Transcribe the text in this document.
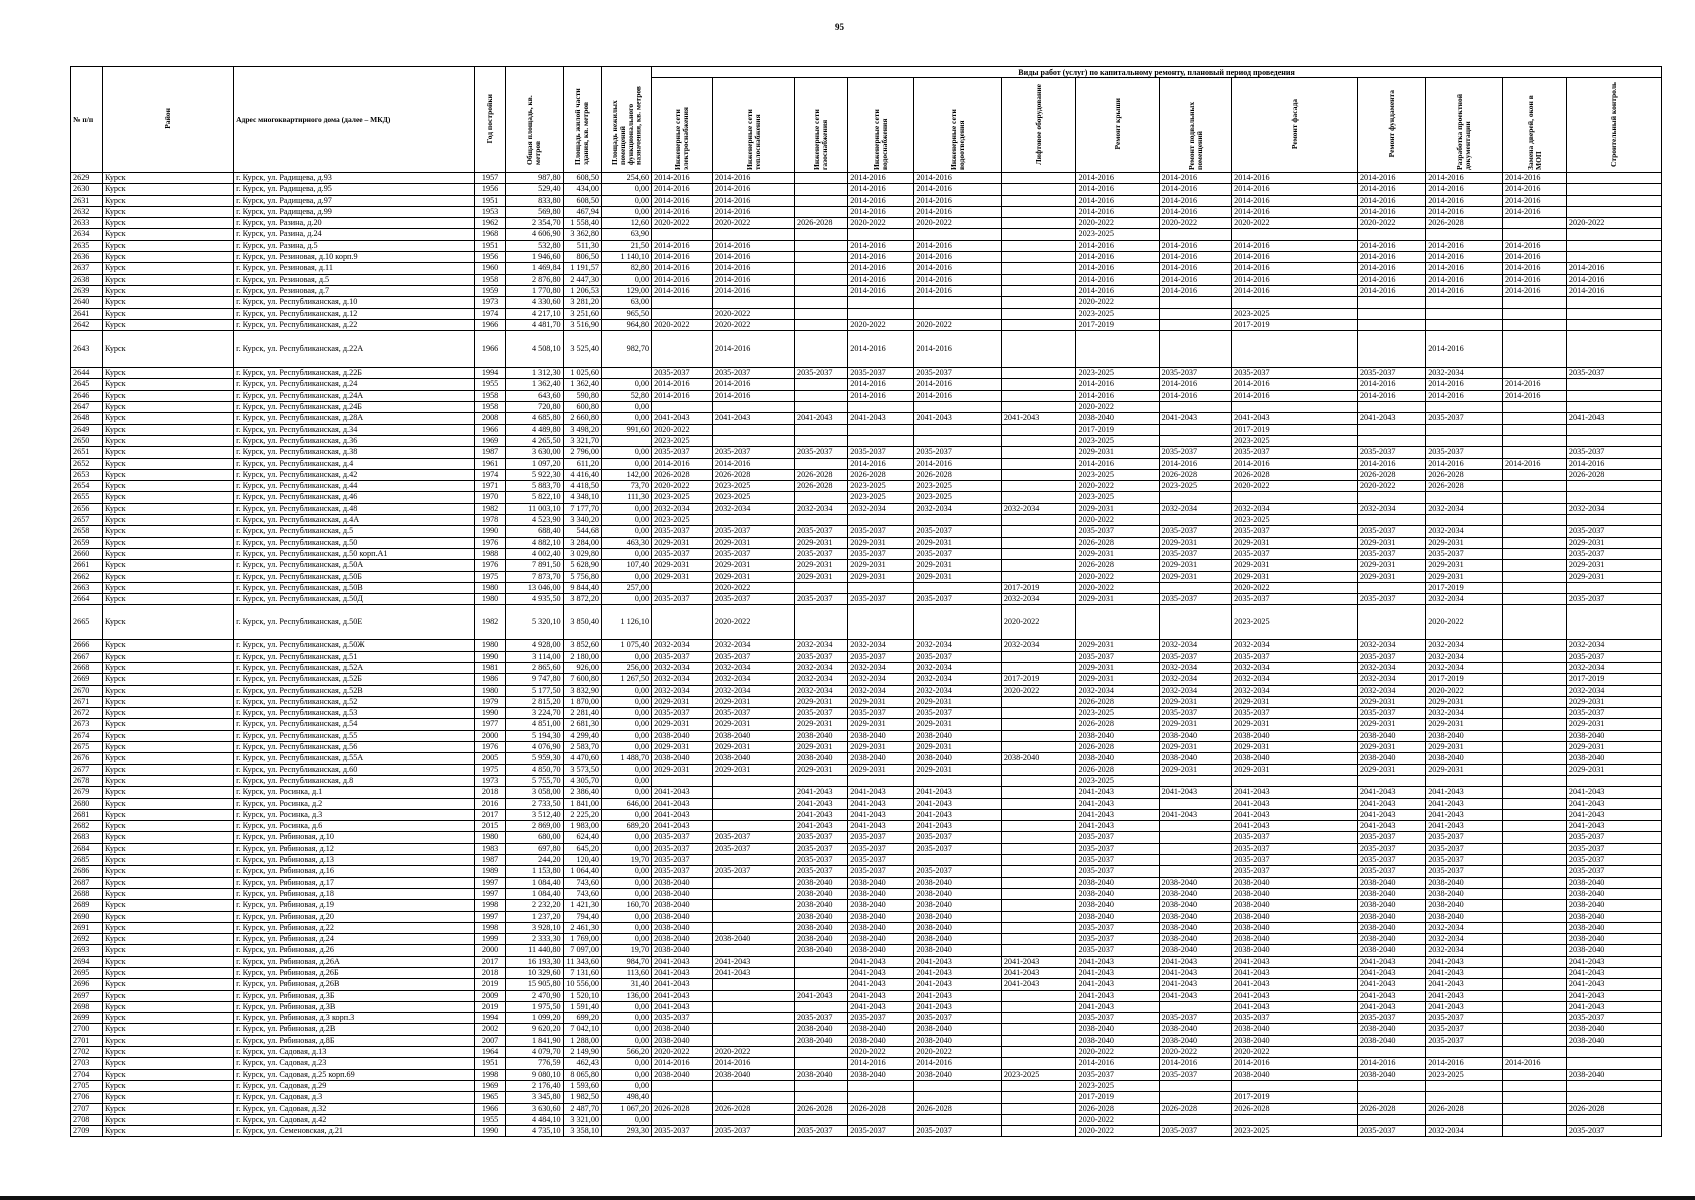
95
№ п/п	Район	Адрес многоквартирного дома (далее – МКД)	Год постройки	Общая площадь, кв. метров	Площадь жилой части здания, кв. метров	Площадь нежилых помещений функционального назначения, кв. метров	Виды работ (услуг) по капитальному ремонту, плановый период проведения												
							Инженерные сети электроснабжения	Инженерные сети теплоснабжения	Инженерные сети газоснабжения	Инженерные сети водоснабжения	Инженерные сети водоотведения	Лифтовое оборудование	Ремонт крыши	Ремонт подвальных помещений	Ремонт фасада	Ремонт фундамента	Разработка проектной документации	Замена дверей, окон в МОП	Строительный контроль
2629	Курск	г. Курск, ул. Радищева, д.93	1957	987,80	608,50	254,60	2014-2016	2014-2016		2014-2016	2014-2016		2014-2016	2014-2016	2014-2016	2014-2016	2014-2016	2014-2016	
2630	Курск	г. Курск, ул. Радищева, д.95	1956	529,40	434,00	0,00	2014-2016	2014-2016		2014-2016	2014-2016		2014-2016	2014-2016	2014-2016	2014-2016	2014-2016	2014-2016	
2631	Курск	г. Курск, ул. Радищева, д.97	1951	833,80	608,50	0,00	2014-2016	2014-2016		2014-2016	2014-2016		2014-2016	2014-2016	2014-2016	2014-2016	2014-2016	2014-2016	
2632	Курск	г. Курск, ул. Радищева, д.99	1953	569,80	467,94	0,00	2014-2016	2014-2016		2014-2016	2014-2016		2014-2016	2014-2016	2014-2016	2014-2016	2014-2016	2014-2016	
2633	Курск	г. Курск, ул. Разина, д.20	1962	2 354,70	1 558,40	12,60	2020-2022	2020-2022	2026-2028	2020-2022	2020-2022		2020-2022	2020-2022	2020-2022	2020-2022	2026-2028		2020-2022
2634	Курск	г. Курск, ул. Разина, д.24	1968	4 606,90	3 362,80	63,90							2023-2025						
2635	Курск	г. Курск, ул. Разина, д.5	1951	532,80	511,30	21,50	2014-2016	2014-2016		2014-2016	2014-2016		2014-2016	2014-2016	2014-2016	2014-2016	2014-2016	2014-2016	
2636	Курск	г. Курск, ул. Резиновая, д.10 корп.9	1956	1 946,60	806,50	1 140,10	2014-2016	2014-2016		2014-2016	2014-2016		2014-2016	2014-2016	2014-2016	2014-2016	2014-2016	2014-2016	
2637	Курск	г. Курск, ул. Резиновая, д.11	1960	1 469,84	1 191,57	82,80	2014-2016	2014-2016		2014-2016	2014-2016		2014-2016	2014-2016	2014-2016	2014-2016	2014-2016	2014-2016	2014-2016
2638	Курск	г. Курск, ул. Резиновая, д.5	1958	2 876,80	2 447,30	0,00	2014-2016	2014-2016		2014-2016	2014-2016		2014-2016	2014-2016	2014-2016	2014-2016	2014-2016	2014-2016	2014-2016
2639	Курск	г. Курск, ул. Резиновая, д.7	1959	1 770,80	1 206,53	129,00	2014-2016	2014-2016		2014-2016	2014-2016		2014-2016	2014-2016	2014-2016	2014-2016	2014-2016	2014-2016	2014-2016
2640	Курск	г. Курск, ул. Республиканская, д.10	1973	4 330,60	3 281,20	63,00							2020-2022						
2641	Курск	г. Курск, ул. Республиканская, д.12	1974	4 217,10	3 251,60	965,50		2020-2022					2023-2025		2023-2025				
2642	Курск	г. Курск, ул. Республиканская, д.22	1966	4 481,70	3 516,90	964,80	2020-2022	2020-2022		2020-2022	2020-2022		2017-2019		2017-2019				
2643	Курск	г. Курск, ул. Республиканская, д.22А	1966	4 508,10	3 525,40	982,70		2014-2016		2014-2016	2014-2016						2014-2016		
2644	Курск	г. Курск, ул. Республиканская, д.22Б	1994	1 312,30	1 025,60		2035-2037	2035-2037	2035-2037	2035-2037	2035-2037		2023-2025	2035-2037	2035-2037	2035-2037	2032-2034		2035-2037
2645	Курск	г. Курск, ул. Республиканская, д.24	1955	1 362,40	1 362,40	0,00	2014-2016	2014-2016		2014-2016	2014-2016		2014-2016	2014-2016	2014-2016	2014-2016	2014-2016	2014-2016	
2646	Курск	г. Курск, ул. Республиканская, д.24А	1958	643,60	590,80	52,80	2014-2016	2014-2016		2014-2016	2014-2016		2014-2016	2014-2016	2014-2016	2014-2016	2014-2016	2014-2016	
2647	Курск	г. Курск, ул. Республиканская, д.24Б	1958	720,80	600,80	0,00							2020-2022						
2648	Курск	г. Курск, ул. Республиканская, д.28А	2008	4 685,80	2 660,80	0,00	2041-2043	2041-2043	2041-2043	2041-2043	2041-2043	2041-2043	2038-2040	2041-2043	2041-2043	2041-2043	2035-2037		2041-2043
2649	Курск	г. Курск, ул. Республиканская, д.34	1966	4 489,80	3 498,20	991,60	2020-2022						2017-2019		2017-2019				
2650	Курск	г. Курск, ул. Республиканская, д.36	1969	4 265,50	3 321,70		2023-2025						2023-2025		2023-2025				
2651	Курск	г. Курск, ул. Республиканская, д.38	1987	3 630,00	2 796,00	0,00	2035-2037	2035-2037	2035-2037	2035-2037	2035-2037		2029-2031	2035-2037	2035-2037	2035-2037	2035-2037		2035-2037
2652	Курск	г. Курск, ул. Республиканская, д.4	1961	1 097,20	611,20	0,00	2014-2016	2014-2016		2014-2016	2014-2016		2014-2016	2014-2016	2014-2016	2014-2016	2014-2016	2014-2016	2014-2016
2653	Курск	г. Курск, ул. Республиканская, д.42	1974	5 922,30	4 416,40	142,00	2026-2028	2026-2028	2026-2028	2026-2028	2026-2028		2023-2025	2026-2028	2026-2028	2026-2028	2026-2028		2026-2028
2654	Курск	г. Курск, ул. Республиканская, д.44	1971	5 883,70	4 418,50	73,70	2020-2022	2023-2025	2026-2028	2023-2025	2023-2025		2020-2022	2023-2025	2020-2022	2020-2022	2026-2028		
2655	Курск	г. Курск, ул. Республиканская, д.46	1970	5 822,10	4 348,10	111,30	2023-2025	2023-2025		2023-2025	2023-2025		2023-2025						
2656	Курск	г. Курск, ул. Республиканская, д.48	1982	11 003,10	7 177,70	0,00	2032-2034	2032-2034	2032-2034	2032-2034	2032-2034	2032-2034	2029-2031	2032-2034	2032-2034	2032-2034	2032-2034		2032-2034
2657	Курск	г. Курск, ул. Республиканская, д.4А	1978	4 523,90	3 340,20	0,00	2023-2025						2020-2022		2023-2025				
2658	Курск	г. Курск, ул. Республиканская, д.5	1990	688,40	544,68	0,00	2035-2037	2035-2037	2035-2037	2035-2037	2035-2037		2035-2037	2035-2037	2035-2037	2035-2037	2032-2034		2035-2037
2659	Курск	г. Курск, ул. Республиканская, д.50	1976	4 882,10	3 284,00	463,30	2029-2031	2029-2031	2029-2031	2029-2031	2029-2031		2026-2028	2029-2031	2029-2031	2029-2031	2029-2031		2029-2031
2660	Курск	г. Курск, ул. Республиканская, д.50 корп.А1	1988	4 002,40	3 029,80	0,00	2035-2037	2035-2037	2035-2037	2035-2037	2035-2037		2029-2031	2035-2037	2035-2037	2035-2037	2035-2037		2035-2037
2661	Курск	г. Курск, ул. Республиканская, д.50А	1976	7 891,50	5 628,90	107,40	2029-2031	2029-2031	2029-2031	2029-2031	2029-2031		2026-2028	2029-2031	2029-2031	2029-2031	2029-2031		2029-2031
2662	Курск	г. Курск, ул. Республиканская, д.50Б	1975	7 873,70	5 756,80	0,00	2029-2031	2029-2031	2029-2031	2029-2031	2029-2031		2020-2022	2029-2031	2029-2031	2029-2031	2029-2031		2029-2031
2663	Курск	г. Курск, ул. Республиканская, д.50В	1980	13 046,00	9 844,40	257,00		2020-2022				2017-2019	2020-2022		2020-2022		2017-2019		
2664	Курск	г. Курск, ул. Республиканская, д.50Д	1980	4 935,50	3 872,20	0,00	2035-2037	2035-2037	2035-2037	2035-2037	2035-2037	2032-2034	2029-2031	2035-2037	2035-2037	2035-2037	2032-2034		2035-2037
2665	Курск	г. Курск, ул. Республиканская, д.50Е	1982	5 320,10	3 850,40	1 126,10		2020-2022				2020-2022			2023-2025		2020-2022		
2666	Курск	г. Курск, ул. Республиканская, д.50Ж	1980	4 928,00	3 852,60	1 075,40	2032-2034	2032-2034	2032-2034	2032-2034	2032-2034	2032-2034	2029-2031	2032-2034	2032-2034	2032-2034	2032-2034		2032-2034
2667	Курск	г. Курск, ул. Республиканская, д.51	1990	3 114,00	2 180,00	0,00	2035-2037	2035-2037	2035-2037	2035-2037	2035-2037		2035-2037	2035-2037	2035-2037	2035-2037	2032-2034		2035-2037
2668	Курск	г. Курск, ул. Республиканская, д.52А	1981	2 865,60	926,00	256,00	2032-2034	2032-2034	2032-2034	2032-2034	2032-2034		2029-2031	2032-2034	2032-2034	2032-2034	2032-2034		2032-2034
2669	Курск	г. Курск, ул. Республиканская, д.52Б	1986	9 747,80	7 600,80	1 267,50	2032-2034	2032-2034	2032-2034	2032-2034	2032-2034	2017-2019	2029-2031	2032-2034	2032-2034	2032-2034	2017-2019		2017-2019
2670	Курск	г. Курск, ул. Республиканская, д.52В	1980	5 177,50	3 832,90	0,00	2032-2034	2032-2034	2032-2034	2032-2034	2032-2034	2020-2022	2032-2034	2032-2034	2032-2034	2032-2034	2020-2022		2032-2034
2671	Курск	г. Курск, ул. Республиканская, д.52	1979	2 815,20	1 870,00	0,00	2029-2031	2029-2031	2029-2031	2029-2031	2029-2031		2026-2028	2029-2031	2029-2031	2029-2031	2029-2031		2029-2031
2672	Курск	г. Курск, ул. Республиканская, д.53	1990	3 224,70	2 281,40	0,00	2035-2037	2035-2037	2035-2037	2035-2037	2035-2037		2023-2025	2035-2037	2035-2037	2035-2037	2032-2034		2035-2037
2673	Курск	г. Курск, ул. Республиканская, д.54	1977	4 851,00	2 681,30	0,00	2029-2031	2029-2031	2029-2031	2029-2031	2029-2031		2026-2028	2029-2031	2029-2031	2029-2031	2029-2031		2029-2031
2674	Курск	г. Курск, ул. Республиканская, д.55	2000	5 194,30	4 299,40	0,00	2038-2040	2038-2040	2038-2040	2038-2040	2038-2040		2038-2040	2038-2040	2038-2040	2038-2040	2038-2040		2038-2040
2675	Курск	г. Курск, ул. Республиканская, д.56	1976	4 076,90	2 583,70	0,00	2029-2031	2029-2031	2029-2031	2029-2031	2029-2031		2026-2028	2029-2031	2029-2031	2029-2031	2029-2031		2029-2031
2676	Курск	г. Курск, ул. Республиканская, д.55А	2005	5 959,30	4 470,60	1 488,70	2038-2040	2038-2040	2038-2040	2038-2040	2038-2040	2038-2040	2038-2040	2038-2040	2038-2040	2038-2040	2038-2040		2038-2040
2677	Курск	г. Курск, ул. Республиканская, д.60	1975	4 850,70	3 573,50	0,00	2029-2031	2029-2031	2029-2031	2029-2031	2029-2031		2026-2028	2029-2031	2029-2031	2029-2031	2029-2031		2029-2031
2678	Курск	г. Курск, ул. Республиканская, д.8	1973	5 755,70	4 305,70	0,00							2023-2025						
2679	Курск	г. Курск, ул. Росинка, д.1	2018	3 058,00	2 386,40	0,00	2041-2043		2041-2043	2041-2043	2041-2043		2041-2043	2041-2043	2041-2043	2041-2043	2041-2043		2041-2043
2680	Курск	г. Курск, ул. Росинка, д.2	2016	2 733,50	1 841,00	646,00	2041-2043		2041-2043	2041-2043	2041-2043		2041-2043		2041-2043	2041-2043	2041-2043		2041-2043
2681	Курск	г. Курск, ул. Росинка, д.3	2017	3 512,40	2 225,20	0,00	2041-2043		2041-2043	2041-2043	2041-2043		2041-2043	2041-2043	2041-2043	2041-2043	2041-2043		2041-2043
2682	Курск	г. Курск, ул. Росинка, д.6	2015	2 869,00	1 983,00	689,20	2041-2043		2041-2043	2041-2043	2041-2043		2041-2043		2041-2043	2041-2043	2041-2043		2041-2043
2683	Курск	г. Курск, ул. Рябиновая, д.10	1980	680,00	624,40	0,00	2035-2037	2035-2037	2035-2037	2035-2037	2035-2037		2035-2037		2035-2037	2035-2037	2035-2037		2035-2037
2684	Курск	г. Курск, ул. Рябиновая, д.12	1983	697,80	645,20	0,00	2035-2037	2035-2037	2035-2037	2035-2037	2035-2037		2035-2037		2035-2037	2035-2037	2035-2037		2035-2037
2685	Курск	г. Курск, ул. Рябиновая, д.13	1987	244,20	120,40	19,70	2035-2037		2035-2037	2035-2037			2035-2037		2035-2037	2035-2037	2035-2037		2035-2037
2686	Курск	г. Курск, ул. Рябиновая, д.16	1989	1 153,80	1 064,40	0,00	2035-2037	2035-2037	2035-2037	2035-2037	2035-2037		2035-2037		2035-2037	2035-2037	2035-2037		2035-2037
2687	Курск	г. Курск, ул. Рябиновая, д.17	1997	1 084,40	743,60	0,00	2038-2040		2038-2040	2038-2040	2038-2040		2038-2040	2038-2040	2038-2040	2038-2040	2038-2040		2038-2040
2688	Курск	г. Курск, ул. Рябиновая, д.18	1997	1 084,40	743,60	0,00	2038-2040		2038-2040	2038-2040	2038-2040		2038-2040	2038-2040	2038-2040	2038-2040	2038-2040		2038-2040
2689	Курск	г. Курск, ул. Рябиновая, д.19	1998	2 232,20	1 421,30	160,70	2038-2040		2038-2040	2038-2040	2038-2040		2038-2040	2038-2040	2038-2040	2038-2040	2038-2040		2038-2040
2690	Курск	г. Курск, ул. Рябиновая, д.20	1997	1 237,20	794,40	0,00	2038-2040		2038-2040	2038-2040	2038-2040		2038-2040	2038-2040	2038-2040	2038-2040	2038-2040		2038-2040
2691	Курск	г. Курск, ул. Рябиновая, д.22	1998	3 928,10	2 461,30	0,00	2038-2040		2038-2040	2038-2040	2038-2040		2035-2037	2038-2040	2038-2040	2038-2040	2032-2034		2038-2040
2692	Курск	г. Курск, ул. Рябиновая, д.24	1999	2 333,30	1 769,00	0,00	2038-2040	2038-2040	2038-2040	2038-2040	2038-2040		2035-2037	2038-2040	2038-2040	2038-2040	2032-2034		2038-2040
2693	Курск	г. Курск, ул. Рябиновая, д.26	2000	11 440,80	7 097,00	19,70	2038-2040		2038-2040	2038-2040	2038-2040		2035-2037	2038-2040	2038-2040	2038-2040	2032-2034		2038-2040
2694	Курск	г. Курск, ул. Рябиновая, д.26А	2017	16 193,30	11 343,60	984,70	2041-2043	2041-2043		2041-2043	2041-2043	2041-2043	2041-2043	2041-2043	2041-2043	2041-2043	2041-2043		2041-2043
2695	Курск	г. Курск, ул. Рябиновая, д.26Б	2018	10 329,60	7 131,60	113,60	2041-2043	2041-2043		2041-2043	2041-2043	2041-2043	2041-2043	2041-2043	2041-2043	2041-2043	2041-2043		2041-2043
2696	Курск	г. Курск, ул. Рябиновая, д.26В	2019	15 905,80	10 556,00	31,40	2041-2043			2041-2043	2041-2043	2041-2043	2041-2043	2041-2043	2041-2043	2041-2043	2041-2043		2041-2043
2697	Курск	г. Курск, ул. Рябиновая, д.3Б	2009	2 470,90	1 520,10	136,00	2041-2043		2041-2043	2041-2043	2041-2043		2041-2043	2041-2043	2041-2043	2041-2043	2041-2043		2041-2043
2698	Курск	г. Курск, ул. Рябиновая, д.3В	2019	1 975,50	1 591,40	0,00	2041-2043			2041-2043	2041-2043		2041-2043		2041-2043	2041-2043	2041-2043		2041-2043
2699	Курск	г. Курск, ул. Рябиновая, д.3 корп.3	1994	1 099,20	699,20	0,00	2035-2037		2035-2037	2035-2037	2035-2037		2035-2037	2035-2037	2035-2037	2035-2037	2035-2037		2035-2037
2700	Курск	г. Курск, ул. Рябиновая, д.2В	2002	9 620,20	7 042,10	0,00	2038-2040		2038-2040	2038-2040	2038-2040		2038-2040	2038-2040	2038-2040	2038-2040	2035-2037		2038-2040
2701	Курск	г. Курск, ул. Рябиновая, д.8Б	2007	1 841,90	1 288,00	0,00	2038-2040		2038-2040	2038-2040	2038-2040		2038-2040	2038-2040	2038-2040	2038-2040	2035-2037		2038-2040
2702	Курск	г. Курск, ул. Садовая, д.13	1964	4 079,70	2 149,90	566,20	2020-2022	2020-2022		2020-2022	2020-2022		2020-2022	2020-2022	2020-2022				
2703	Курск	г. Курск, ул. Садовая, д.23	1951	776,59	462,43	0,00	2014-2016	2014-2016		2014-2016	2014-2016		2014-2016	2014-2016	2014-2016	2014-2016	2014-2016	2014-2016	
2704	Курск	г. Курск, ул. Садовая, д.25 корп.69	1998	9 080,10	8 065,80	0,00	2038-2040	2038-2040	2038-2040	2038-2040	2038-2040	2023-2025	2035-2037	2035-2037	2038-2040	2038-2040	2023-2025		2038-2040
2705	Курск	г. Курск, ул. Садовая, д.29	1969	2 176,40	1 593,60	0,00							2023-2025						
2706	Курск	г. Курск, ул. Садовая, д.3	1965	3 345,80	1 982,50	498,40							2017-2019		2017-2019				
2707	Курск	г. Курск, ул. Садовая, д.32	1966	3 630,60	2 487,70	1 067,20	2026-2028	2026-2028	2026-2028	2026-2028	2026-2028		2026-2028	2026-2028	2026-2028	2026-2028	2026-2028		2026-2028
2708	Курск	г. Курск, ул. Садовая, д.42	1955	4 484,10	3 321,00	0,00							2020-2022						
2709	Курск	г. Курск, ул. Семеновская, д.21	1990	4 735,10	3 358,10	293,30	2035-2037	2035-2037	2035-2037	2035-2037	2035-2037		2020-2022	2035-2037	2023-2025	2035-2037	2032-2034		2035-2037
